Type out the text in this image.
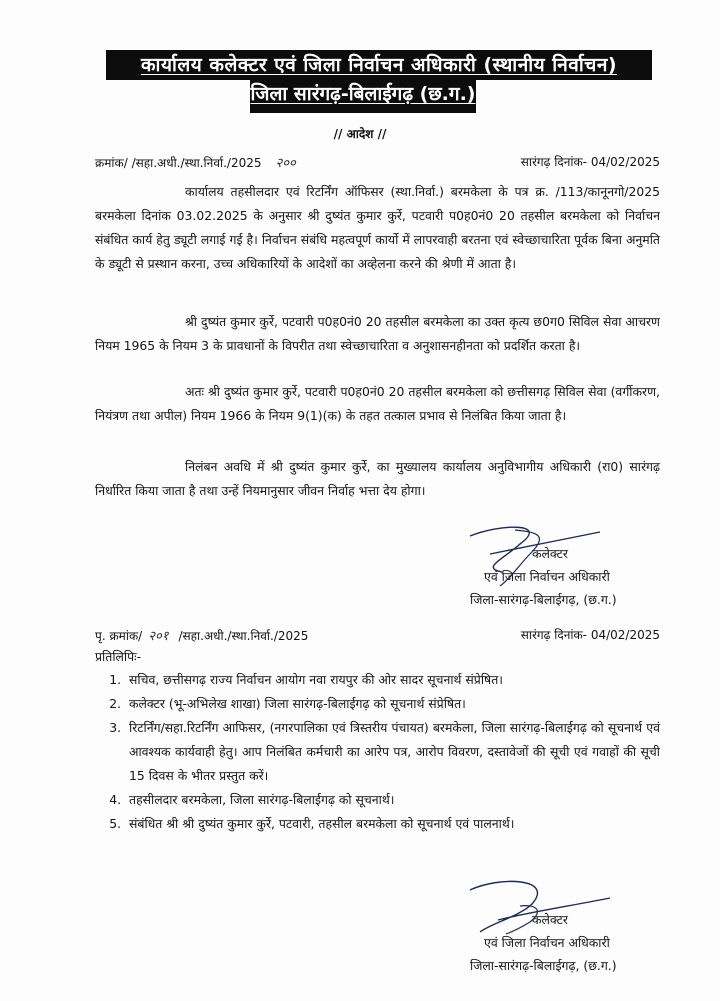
कार्यालय कलेक्टर एवं जिला निर्वाचन अधिकारी (स्थानीय निर्वाचन)
जिला सारंगढ़-बिलाईगढ़ (छ.ग.)
// आदेश //
क्रमांक/ /सहा.अधी./स्था.निर्वा./2025 २००	सारंगढ़ दिनांक- 04/02/2025
कार्यालय तहसीलदार एवं रिटर्निंग ऑफिसर (स्था.निर्वा.) बरमकेला के पत्र क्र. /113/कानूनगो/2025 बरमकेला दिनांक 03.02.2025 के अनुसार श्री दुष्यंत कुमार कुर्रे, पटवारी प0ह0नं0 20 तहसील बरमकेला को निर्वाचन संबंधित कार्य हेतु ड्यूटी लगाई गई है। निर्वाचन संबंधि महत्वपूर्ण कार्यो में लापरवाही बरतना एवं स्वेच्छाचारिता पूर्वक बिना अनुमति के ड्यूटी से प्रस्थान करना, उच्च अधिकारियों के आदेशों का अव्हेलना करने की श्रेणी में आता है।
श्री दुष्यंत कुमार कुर्रे, पटवारी प0ह0नं0 20 तहसील बरमकेला का उक्त कृत्य छ0ग0 सिविल सेवा आचरण नियम 1965 के नियम 3 के प्रावधानों के विपरीत तथा स्वेच्छाचारिता व अनुशासनहीनता को प्रदर्शित करता है।
अतः श्री दुष्यंत कुमार कुर्रे, पटवारी प0ह0नं0 20 तहसील बरमकेला को छत्तीसगढ़ सिविल सेवा (वर्गीकरण, नियंत्रण तथा अपील) नियम 1966 के नियम 9(1)(क) के तहत तत्काल प्रभाव से निलंबित किया जाता है।
निलंबन अवधि में श्री दुष्यंत कुमार कुर्रे, का मुख्यालय कार्यालय अनुविभागीय अधिकारी (रा0) सारंगढ़ निर्धारित किया जाता है तथा उन्हें नियमानुसार जीवन निर्वाह भत्ता देय होगा।
कलेक्टर
एवं जिला निर्वाचन अधिकारी
जिला-सारंगढ़-बिलाईगढ़, (छ.ग.)
पृ. क्रमांक/ २०१ /सहा.अधी./स्था.निर्वा./2025	सारंगढ़ दिनांक- 04/02/2025
प्रतिलिपिः-
1. सचिव, छत्तीसगढ़ राज्य निर्वाचन आयोग नवा रायपुर की ओर सादर सूचनार्थ संप्रेषित।
2. कलेक्टर (भू-अभिलेख शाखा) जिला सारंगढ़-बिलाईगढ़ को सूचनार्थ संप्रेषित।
3. रिटर्निंग/सहा.रिटर्निंग आफिसर, (नगरपालिका एवं त्रिस्तरीय पंचायत) बरमकेला, जिला सारंगढ़-बिलाईगढ़ को सूचनार्थ एवं आवश्यक कार्यवाही हेतु। आप निलंबित कर्मचारी का आरेप पत्र, आरोप विवरण, दस्तावेजों की सूची एवं गवाहों की सूची 15 दिवस के भीतर प्रस्तुत करें।
4. तहसीलदार बरमकेला, जिला सारंगढ़-बिलाईगढ़ को सूचनार्थ।
5. संबंधित श्री श्री दुष्यंत कुमार कुर्रे, पटवारी, तहसील बरमकेला को सूचनार्थ एवं पालनार्थ।
कलेक्टर
एवं जिला निर्वाचन अधिकारी
जिला-सारंगढ़-बिलाईगढ़, (छ.ग.)
